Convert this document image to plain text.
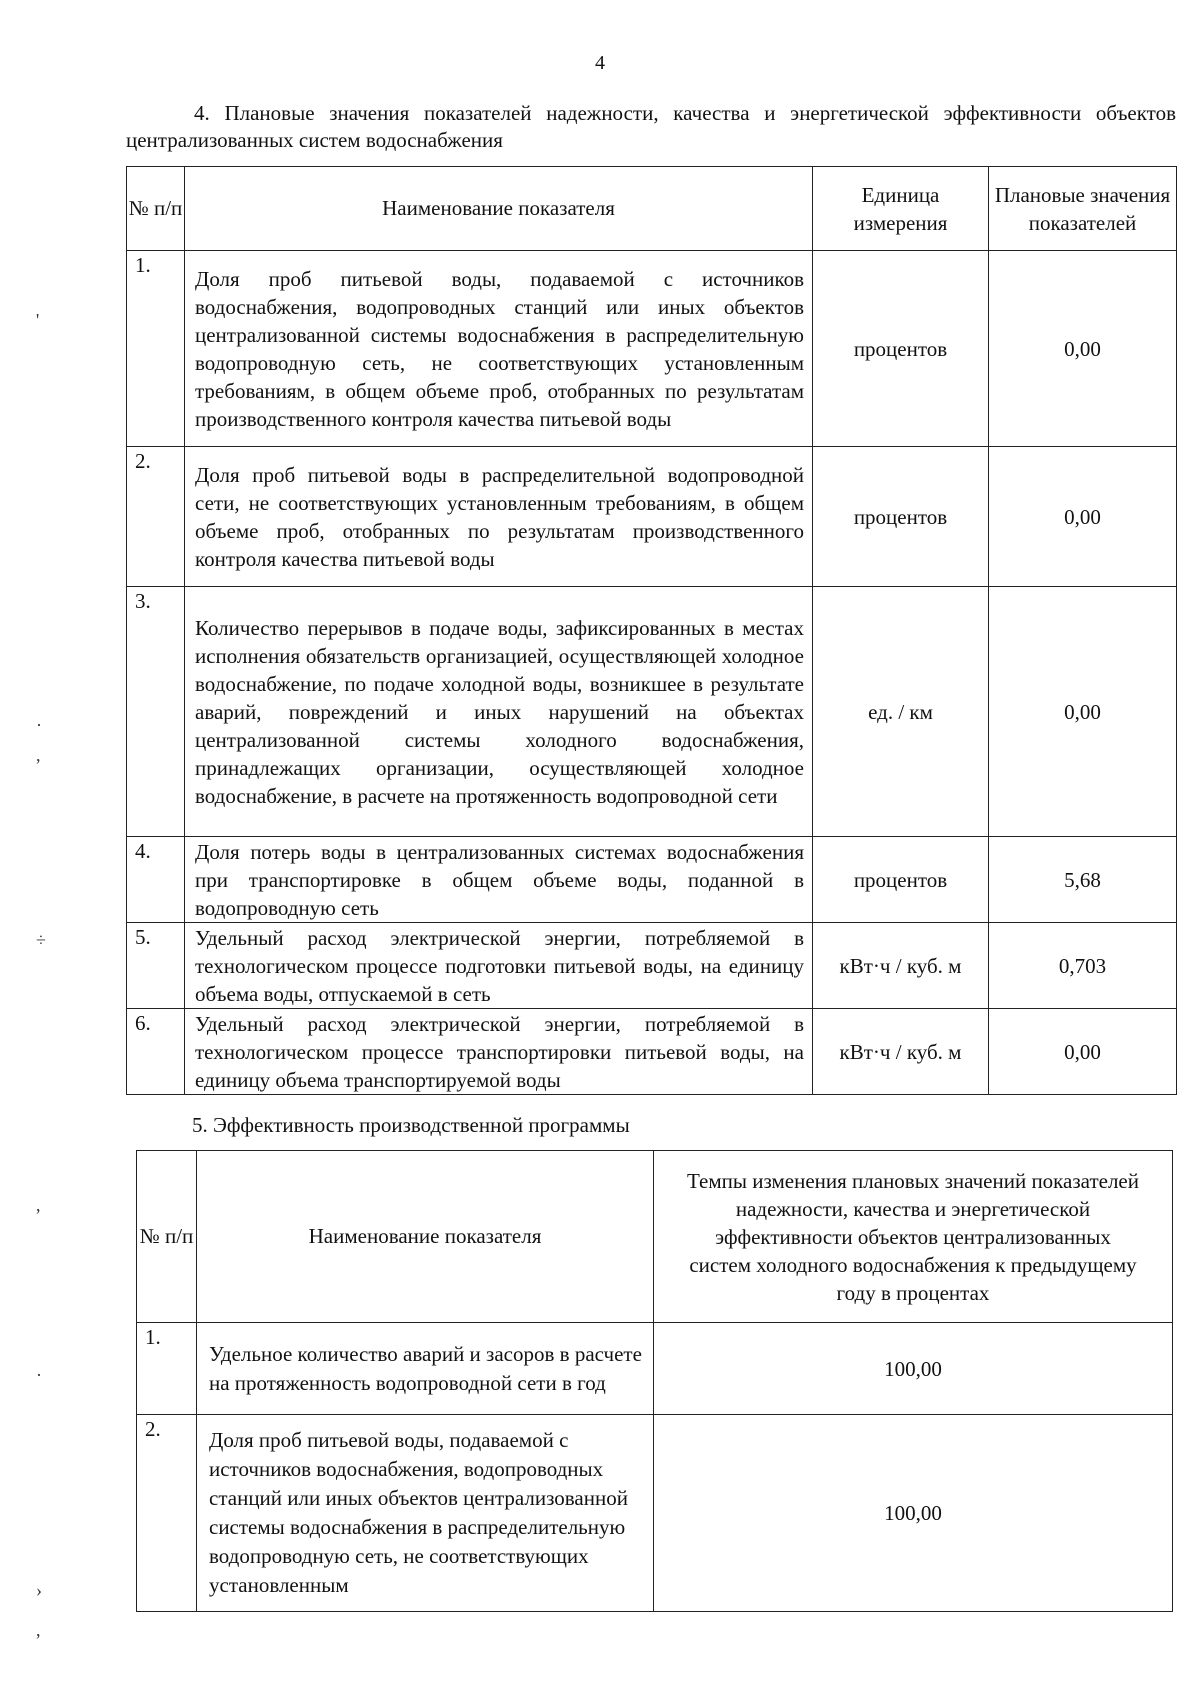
4
4. Плановые значения показателей надежности, качества и энергетической эффективности объектов централизованных систем водоснабжения
№ п/п	Наименование показателя	Единица измерения	Плановые значения показателей
1.	Доля проб питьевой воды, подаваемой с источников водоснабжения, водопроводных станций или иных объектов централизованной системы водоснабжения в распределительную водопроводную сеть, не соответствующих установленным требованиям, в общем объеме проб, отобранных по результатам производственного контроля качества питьевой воды	процентов	0,00
2.	Доля проб питьевой воды в распределительной водопроводной сети, не соответствующих установленным требованиям, в общем объеме проб, отобранных по результатам производственного контроля качества питьевой воды	процентов	0,00
3.	Количество перерывов в подаче воды, зафиксированных в местах исполнения обязательств организацией, осуществляющей холодное водоснабжение, по подаче холодной воды, возникшее в результате аварий, повреждений и иных нарушений на объектах централизованной системы холодного водоснабжения, принадлежащих организации, осуществляющей холодное водоснабжение, в расчете на протяженность водопроводной сети	ед. / км	0,00
4.	Доля потерь воды в централизованных системах водоснабжения при транспортировке в общем объеме воды, поданной в водопроводную сеть	процентов	5,68
5.	Удельный расход электрической энергии, потребляемой в технологическом процессе подготовки питьевой воды, на единицу объема воды, отпускаемой в сеть	кВт·ч / куб. м	0,703
6.	Удельный расход электрической энергии, потребляемой в технологическом процессе транспортировки питьевой воды, на единицу объема транспортируемой воды	кВт·ч / куб. м	0,00
5. Эффективность производственной программы
№ п/п	Наименование показателя	Темпы изменения плановых значений показателей надежности, качества и энергетической эффективности объектов централизованных систем холодного водоснабжения к предыдущему году в процентах
1.	Удельное количество аварий и засоров в расчете на протяженность водопроводной сети в год	100,00
2.	Доля проб питьевой воды, подаваемой с источников водоснабжения, водопроводных станций или иных объектов централизованной системы водоснабжения в распределительную водопроводную сеть, не соответствующих установленным	100,00
'
·
,
÷
,
·
›
,
